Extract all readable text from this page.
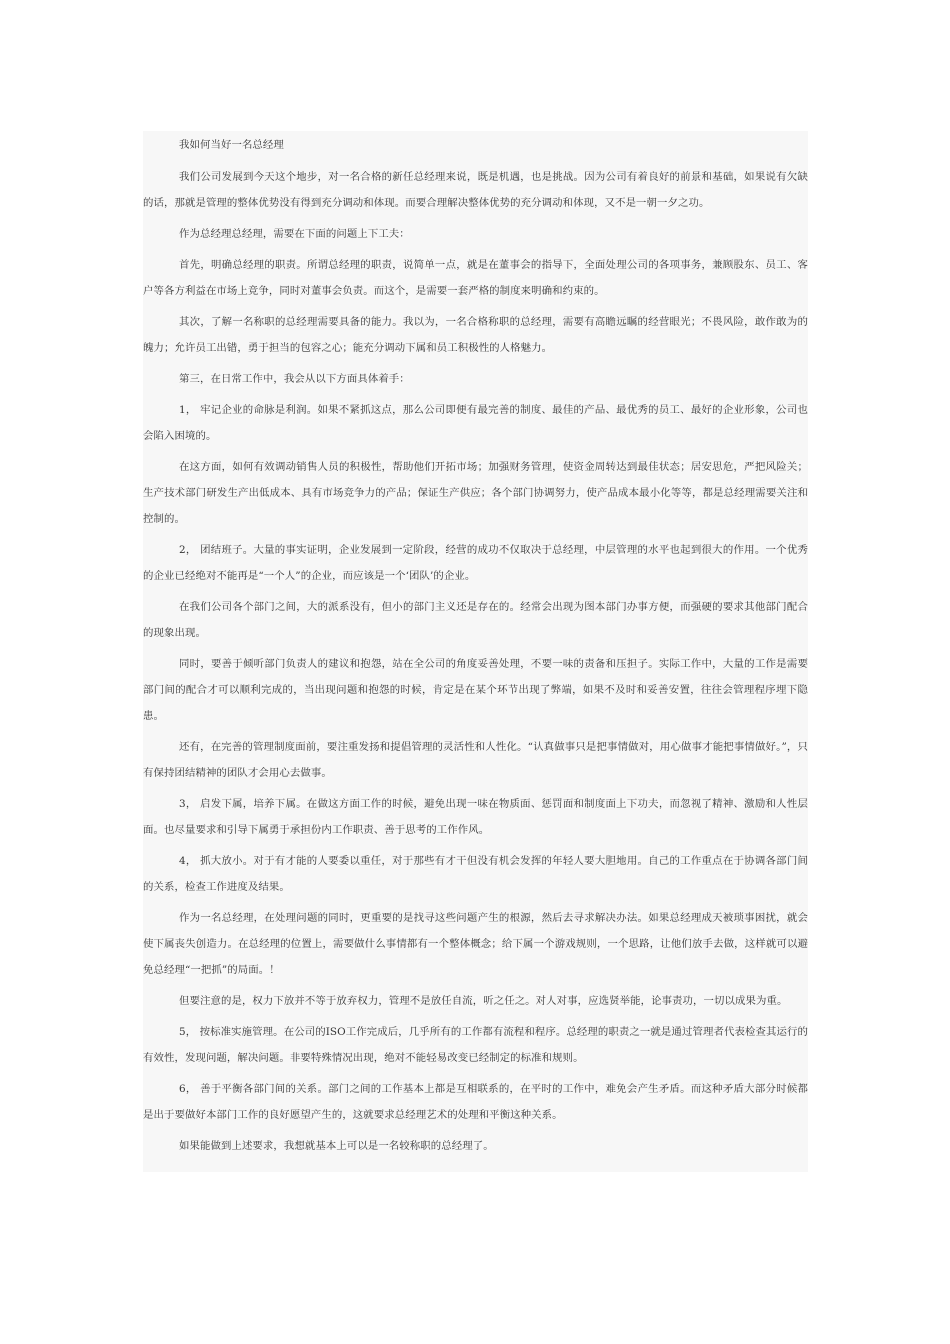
我如何当好一名总经理

我们公司发展到今天这个地步，对一名合格的新任总经理来说，既是机遇，也是挑战。因为公司有着良好的前景和基础，如果说有欠缺的话，那就是管理的整体优势没有得到充分调动和体现。而要合理解决整体优势的充分调动和体现，又不是一朝一夕之功。

作为总经理总经理，需要在下面的问题上下工夫：

首先，明确总经理的职责。所谓总经理的职责，说简单一点，就是在董事会的指导下，全面处理公司的各项事务，兼顾股东、员工、客户等各方利益在市场上竞争，同时对董事会负责。而这个，是需要一套严格的制度来明确和约束的。

其次，了解一名称职的总经理需要具备的能力。我以为，一名合格称职的总经理，需要有高瞻远瞩的经营眼光；不畏风险，敢作敢为的魄力；允许员工出错，勇于担当的包容之心；能充分调动下属和员工积极性的人格魅力。

第三，在日常工作中，我会从以下方面具体着手：

1， 牢记企业的命脉是利润。如果不紧抓这点，那么公司即便有最完善的制度、最佳的产品、最优秀的员工、最好的企业形象，公司也会陷入困境的。

在这方面，如何有效调动销售人员的积极性，帮助他们开拓市场；加强财务管理，使资金周转达到最佳状态；居安思危，严把风险关；生产技术部门研发生产出低成本、具有市场竞争力的产品；保证生产供应；各个部门协调努力，使产品成本最小化等等，都是总经理需要关注和控制的。

2， 团结班子。大量的事实证明，企业发展到一定阶段，经营的成功不仅取决于总经理，中层管理的水平也起到很大的作用。一个优秀的企业已经绝对不能再是“一个人”的企业，而应该是一个‘团队’的企业。

在我们公司各个部门之间，大的派系没有，但小的部门主义还是存在的。经常会出现为图本部门办事方便，而强硬的要求其他部门配合的现象出现。

同时，要善于倾听部门负责人的建议和抱怨，站在全公司的角度妥善处理，不要一味的责备和压担子。实际工作中，大量的工作是需要部门间的配合才可以顺利完成的，当出现问题和抱怨的时候，肯定是在某个环节出现了弊端，如果不及时和妥善安置，往往会管理程序埋下隐患。

还有，在完善的管理制度面前，要注重发扬和提倡管理的灵活性和人性化。“认真做事只是把事情做对，用心做事才能把事情做好。”，只有保持团结精神的团队才会用心去做事。

3， 启发下属，培养下属。在做这方面工作的时候，避免出现一味在物质面、惩罚面和制度面上下功夫，而忽视了精神、激励和人性层面。也尽量要求和引导下属勇于承担份内工作职责、善于思考的工作作风。

4， 抓大放小。对于有才能的人要委以重任，对于那些有才干但没有机会发挥的年轻人要大胆地用。自己的工作重点在于协调各部门间的关系，检查工作进度及结果。

作为一名总经理，在处理问题的同时，更重要的是找寻这些问题产生的根源，然后去寻求解决办法。如果总经理成天被琐事困扰，就会使下属丧失创造力。在总经理的位置上，需要做什么事情都有一个整体概念；给下属一个游戏规则，一个思路，让他们放手去做，这样就可以避免总经理“一把抓”的局面。！

但要注意的是，权力下放并不等于放弃权力，管理不是放任自流，听之任之。对人对事，应选贤举能，论事责功，一切以成果为重。

5， 按标准实施管理。在公司的ISO工作完成后，几乎所有的工作都有流程和程序。总经理的职责之一就是通过管理者代表检查其运行的有效性，发现问题，解决问题。非要特殊情况出现，绝对不能轻易改变已经制定的标准和规则。

6， 善于平衡各部门间的关系。部门之间的工作基本上都是互相联系的，在平时的工作中，难免会产生矛盾。而这种矛盾大部分时候都是出于要做好本部门工作的良好愿望产生的，这就要求总经理艺术的处理和平衡这种关系。

如果能做到上述要求，我想就基本上可以是一名较称职的总经理了。
